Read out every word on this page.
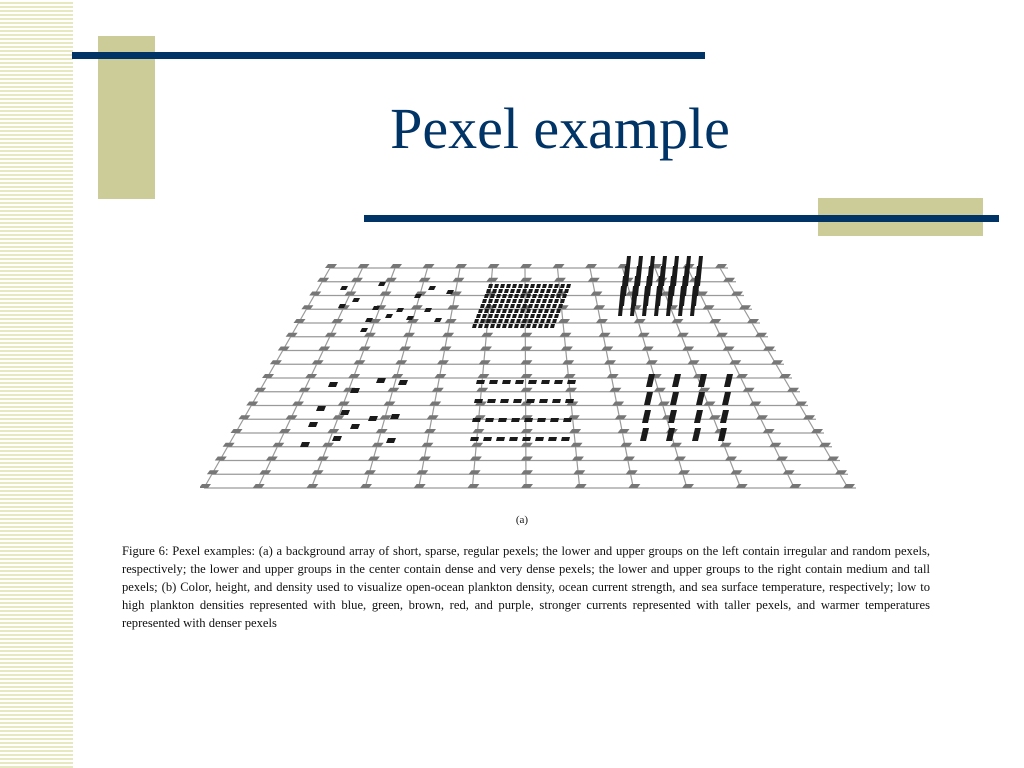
Pexel example
(a)

Figure 6: Pexel examples: (a) a background array of short, sparse, regular pexels; the lower and upper groups on the left contain irregular and random pexels, respectively; the lower and upper groups in the center contain dense and very dense pexels; the lower and upper groups to the right contain medium and tall pexels; (b) Color, height, and density used to visualize open-ocean plankton density, ocean current strength, and sea surface temperature, respectively; low to high plankton densities represented with blue, green, brown, red, and purple, stronger currents represented with taller pexels, and warmer temperatures represented with denser pexels
